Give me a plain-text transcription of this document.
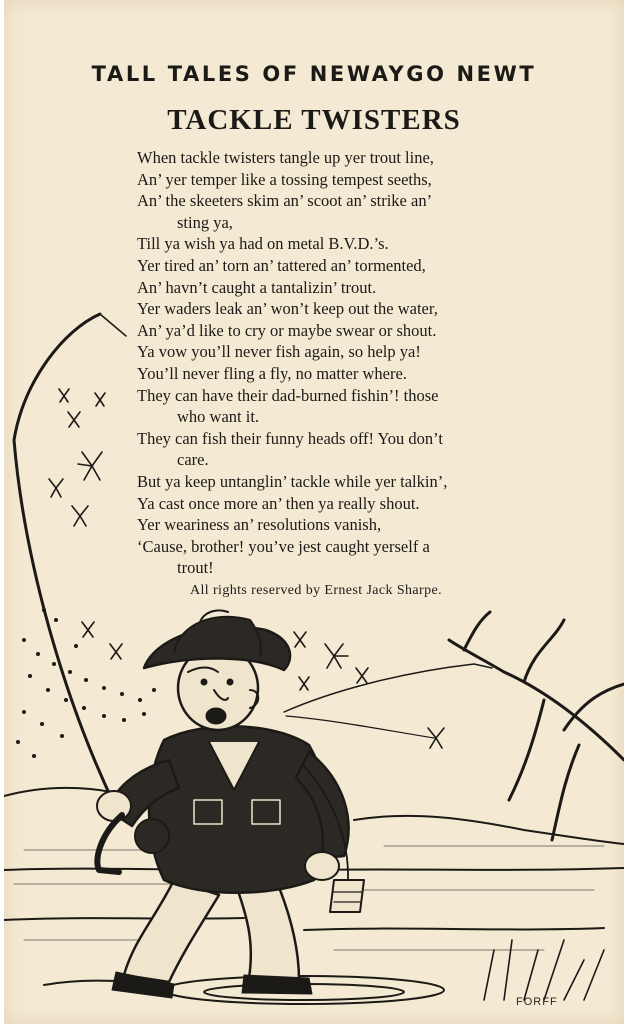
TALL TALES OF NEWAYGO NEWT
TACKLE TWISTERS
When tackle twisters tangle up yer trout line,
An’ yer temper like a tossing tempest seeths,
An’ the skeeters skim an’ scoot an’ strike an’
sting ya,
Till ya wish ya had on metal B.V.D.’s.
Yer tired an’ torn an’ tattered an’ tormented,
An’ havn’t caught a tantalizin’ trout.
Yer waders leak an’ won’t keep out the water,
An’ ya’d like to cry or maybe swear or shout.
Ya vow you’ll never fish again, so help ya!
You’ll never fling a fly, no matter where.
They can have their dad-burned fishin’! those
who want it.
They can fish their funny heads off! You don’t
care.
But ya keep untanglin’ tackle while yer talkin’,
Ya cast once more an’ then ya really shout.
Yer weariness an’ resolutions vanish,
‘Cause, brother! you’ve jest caught yerself a
trout!
All rights reserved by Ernest Jack Sharpe.
FORFF
